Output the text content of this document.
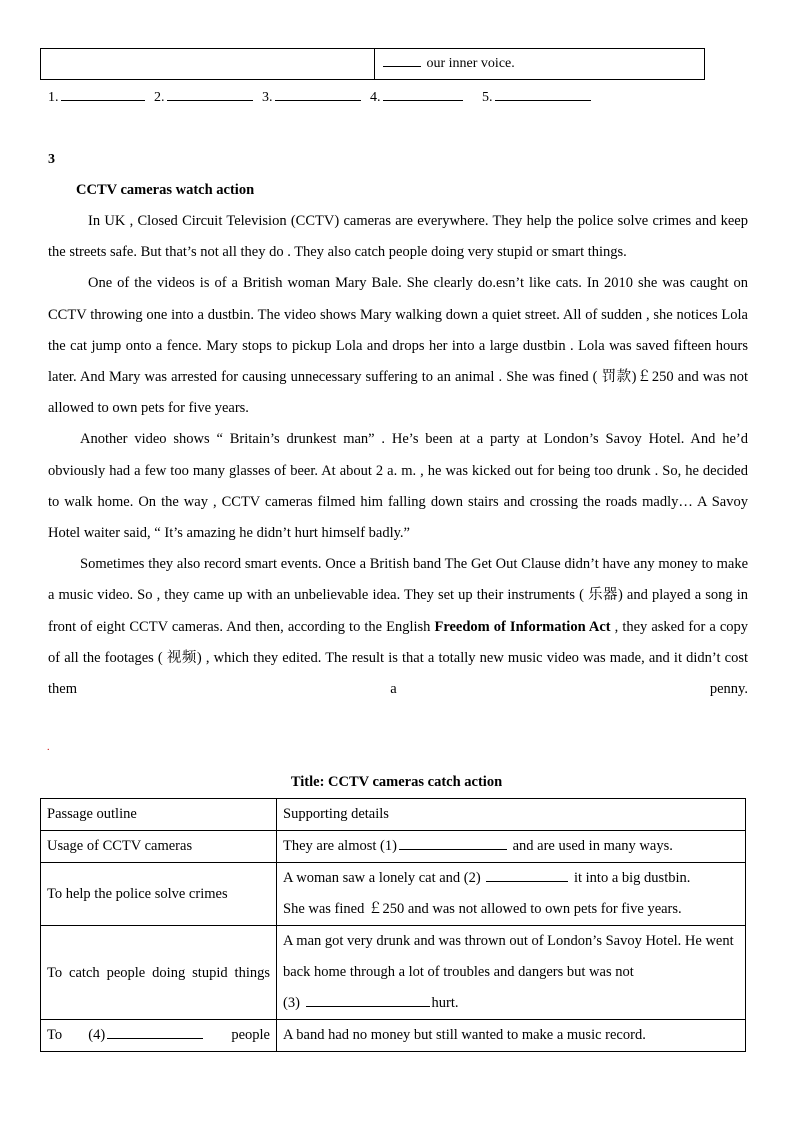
our inner voice.
1.	2.	3.	4.	5.
3
CCTV cameras watch action

In UK , Closed Circuit Television (CCTV) cameras are everywhere. They help the police solve crimes and keep the streets safe. But that’s not all they do . They also catch people doing very stupid or smart things.

One of the videos is of a British woman Mary Bale. She clearly do.esn’t like cats. In 2010 she was caught on CCTV throwing one into a dustbin. The video shows Mary walking down a quiet street. All of sudden , she notices Lola the cat jump onto a fence. Mary stops to pickup Lola and drops her into a large dustbin . Lola was saved fifteen hours later. And Mary was arrested for causing unnecessary suffering to an animal . She was fined ( 罚款)￡250 and was not allowed to own pets for five years.

Another video shows “ Britain’s drunkest man” . He’s been at a party at London’s Savoy Hotel. And he’d obviously had a few too many glasses of beer. At about 2 a. m. , he was kicked out for being too drunk . So, he decided to walk home. On the way , CCTV cameras filmed him falling down stairs and crossing the roads madly… A Savoy Hotel waiter said, “ It’s amazing he didn’t hurt himself badly.”

Sometimes they also record smart events. Once a British band The Get Out Clause didn’t have any money to make a music video. So , they came up with an unbelievable idea. They set up their instruments ( 乐器) and played a song in front of eight CCTV cameras. And then, according to the English Freedom of Information Act , they asked for a copy of all the footages ( 视频) , which they edited. The result is that a totally new music video was made, and it didn’t cost them a penny.

.
Title: CCTV cameras catch action
Passage outline	Supporting details
Usage of CCTV cameras	They are almost (1) and are used in many ways.
To help the police solve crimes	A woman saw a lonely cat and (2) it into a big dustbin.
She was fined ￡250 and was not allowed to own pets for five years.
To catch people doing stupid things	A man got very drunk and was thrown out of London’s Savoy Hotel. He went back home through a lot of troubles and dangers but was not
(3) hurt.

To (4) people	A band had no money but still wanted to make a music record.
